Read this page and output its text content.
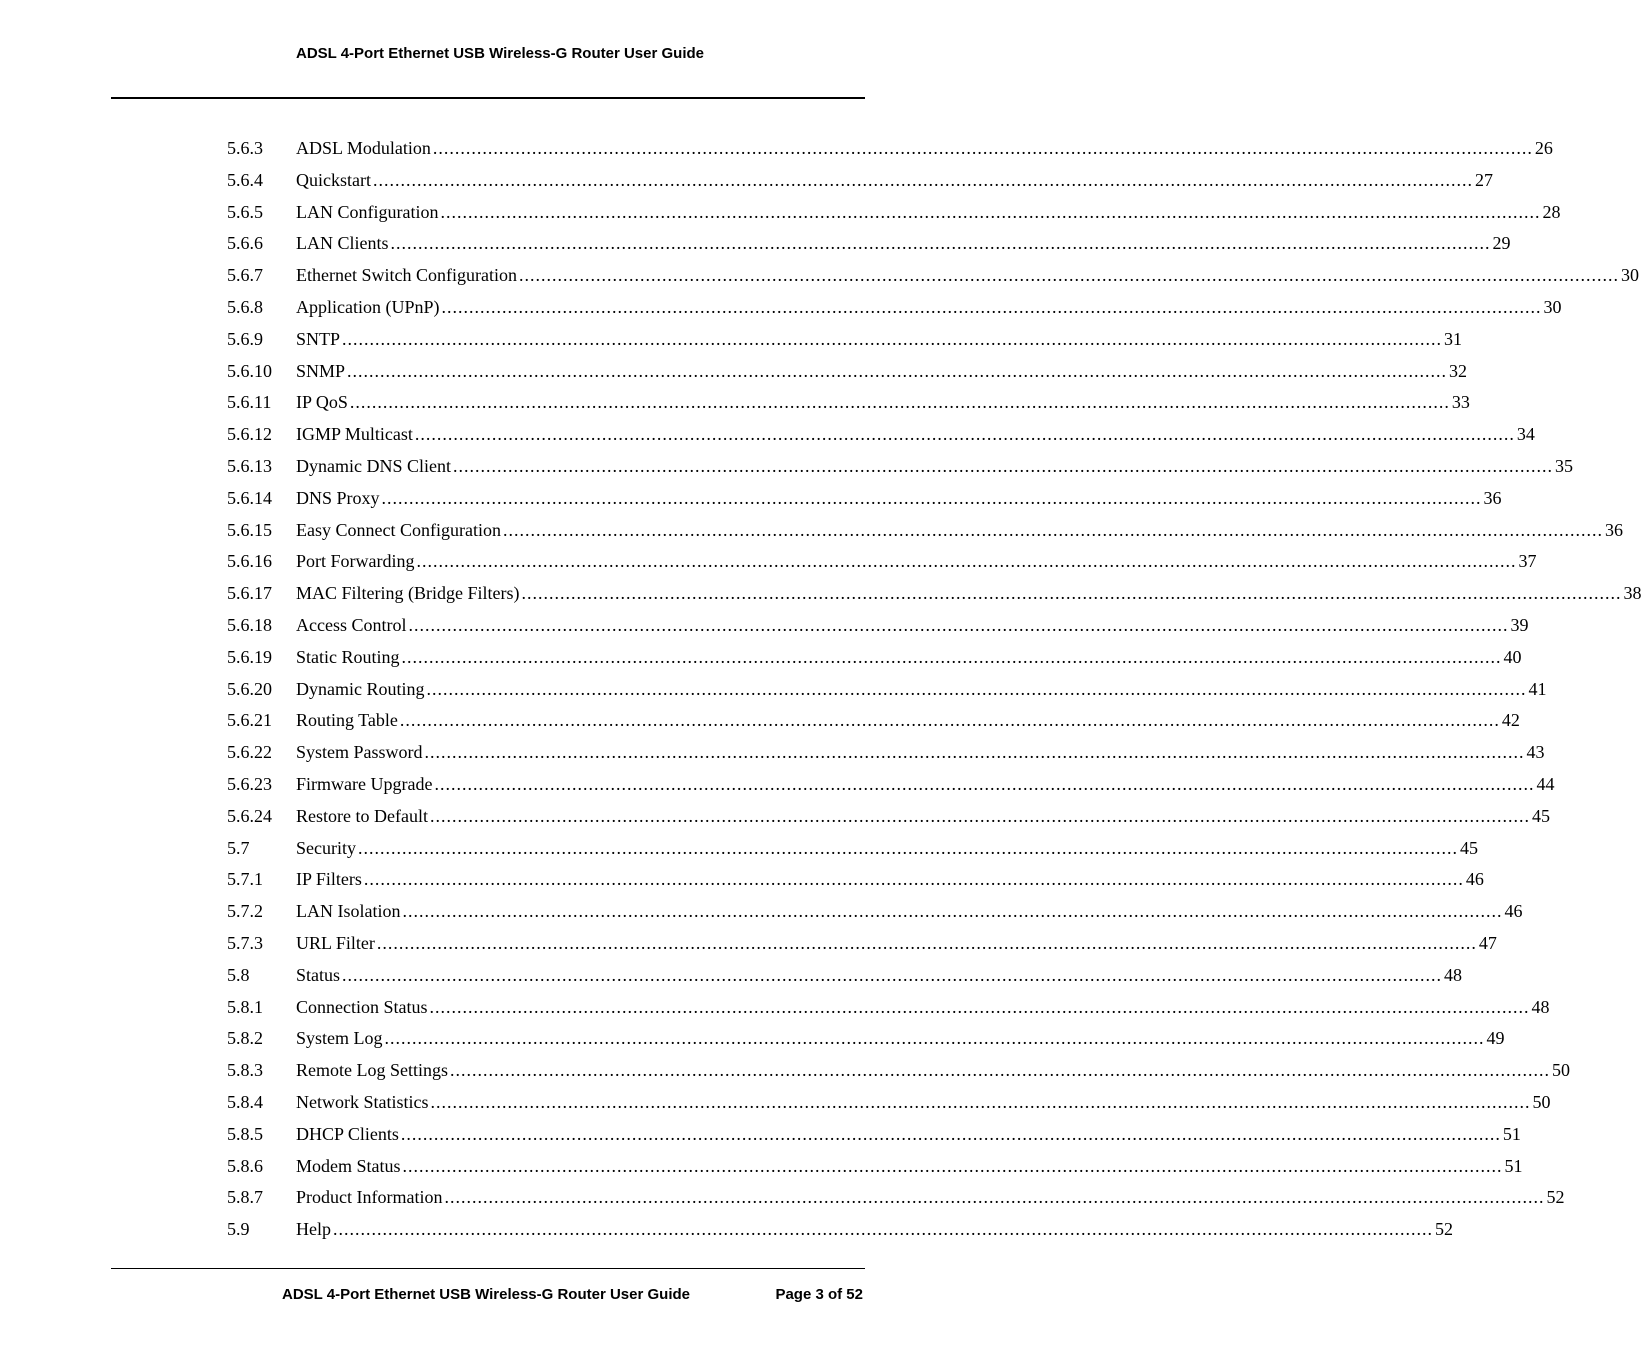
ADSL 4-Port Ethernet USB Wireless-G Router User Guide
5.6.3	ADSL Modulation ........................................................................................................................................................................................................ 26
5.6.4	Quickstart ........................................................................................................................................................................................................ 27
5.6.5	LAN Configuration ........................................................................................................................................................................................................ 28
5.6.6	LAN Clients ........................................................................................................................................................................................................ 29
5.6.7	Ethernet Switch Configuration ........................................................................................................................................................................................................ 30
5.6.8	Application (UPnP) ........................................................................................................................................................................................................ 30
5.6.9	SNTP ........................................................................................................................................................................................................ 31
5.6.10	SNMP ........................................................................................................................................................................................................ 32
5.6.11	IP QoS ........................................................................................................................................................................................................ 33
5.6.12	IGMP Multicast ........................................................................................................................................................................................................ 34
5.6.13	Dynamic DNS Client ........................................................................................................................................................................................................ 35
5.6.14	DNS Proxy ........................................................................................................................................................................................................ 36
5.6.15	Easy Connect Configuration ........................................................................................................................................................................................................ 36
5.6.16	Port Forwarding ........................................................................................................................................................................................................ 37
5.6.17	MAC Filtering (Bridge Filters) ........................................................................................................................................................................................................ 38
5.6.18	Access Control ........................................................................................................................................................................................................ 39
5.6.19	Static Routing ........................................................................................................................................................................................................ 40
5.6.20	Dynamic Routing ........................................................................................................................................................................................................ 41
5.6.21	Routing Table ........................................................................................................................................................................................................ 42
5.6.22	System Password ........................................................................................................................................................................................................ 43
5.6.23	Firmware Upgrade ........................................................................................................................................................................................................ 44
5.6.24	Restore to Default ........................................................................................................................................................................................................ 45
5.7	Security ........................................................................................................................................................................................................ 45
5.7.1	IP Filters ........................................................................................................................................................................................................ 46
5.7.2	LAN Isolation ........................................................................................................................................................................................................ 46
5.7.3	URL Filter ........................................................................................................................................................................................................ 47
5.8	Status ........................................................................................................................................................................................................ 48
5.8.1	Connection Status ........................................................................................................................................................................................................ 48
5.8.2	System Log ........................................................................................................................................................................................................ 49
5.8.3	Remote Log Settings ........................................................................................................................................................................................................ 50
5.8.4	Network Statistics ........................................................................................................................................................................................................ 50
5.8.5	DHCP Clients ........................................................................................................................................................................................................ 51
5.8.6	Modem Status ........................................................................................................................................................................................................ 51
5.8.7	Product Information ........................................................................................................................................................................................................ 52
5.9	Help ........................................................................................................................................................................................................ 52
ADSL 4-Port Ethernet USB Wireless-G Router User Guide	Page 3 of 52
